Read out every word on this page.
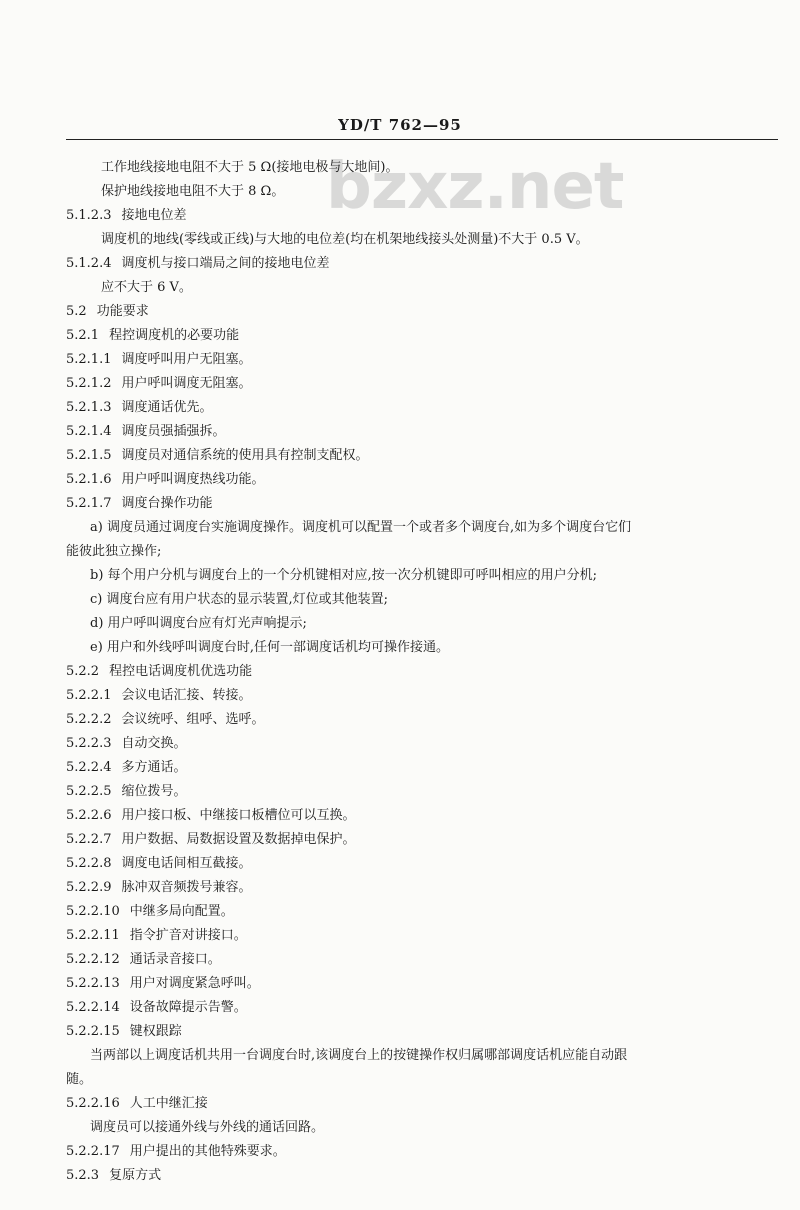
YD/T 762—95
bzxz.net
工作地线接地电阻不大于 5 Ω(接地电极与大地间)。
保护地线接地电阻不大于 8 Ω。
5.1.2.3 接地电位差
调度机的地线(零线或正线)与大地的电位差(均在机架地线接头处测量)不大于 0.5 V。
5.1.2.4 调度机与接口端局之间的接地电位差
应不大于 6 V。
5.2 功能要求
5.2.1 程控调度机的必要功能
5.2.1.1 调度呼叫用户无阻塞。
5.2.1.2 用户呼叫调度无阻塞。
5.2.1.3 调度通话优先。
5.2.1.4 调度员强插强拆。
5.2.1.5 调度员对通信系统的使用具有控制支配权。
5.2.1.6 用户呼叫调度热线功能。
5.2.1.7 调度台操作功能
a) 调度员通过调度台实施调度操作。调度机可以配置一个或者多个调度台,如为多个调度台它们
能彼此独立操作;
b) 每个用户分机与调度台上的一个分机键相对应,按一次分机键即可呼叫相应的用户分机;
c) 调度台应有用户状态的显示装置,灯位或其他装置;
d) 用户呼叫调度台应有灯光声响提示;
e) 用户和外线呼叫调度台时,任何一部调度话机均可操作接通。
5.2.2 程控电话调度机优选功能
5.2.2.1 会议电话汇接、转接。
5.2.2.2 会议统呼、组呼、选呼。
5.2.2.3 自动交换。
5.2.2.4 多方通话。
5.2.2.5 缩位拨号。
5.2.2.6 用户接口板、中继接口板槽位可以互换。
5.2.2.7 用户数据、局数据设置及数据掉电保护。
5.2.2.8 调度电话间相互截接。
5.2.2.9 脉冲双音频拨号兼容。
5.2.2.10 中继多局向配置。
5.2.2.11 指令扩音对讲接口。
5.2.2.12 通话录音接口。
5.2.2.13 用户对调度紧急呼叫。
5.2.2.14 设备故障提示告警。
5.2.2.15 键权跟踪
当两部以上调度话机共用一台调度台时,该调度台上的按键操作权归属哪部调度话机应能自动跟
随。
5.2.2.16 人工中继汇接
调度员可以接通外线与外线的通话回路。
5.2.2.17 用户提出的其他特殊要求。
5.2.3 复原方式
